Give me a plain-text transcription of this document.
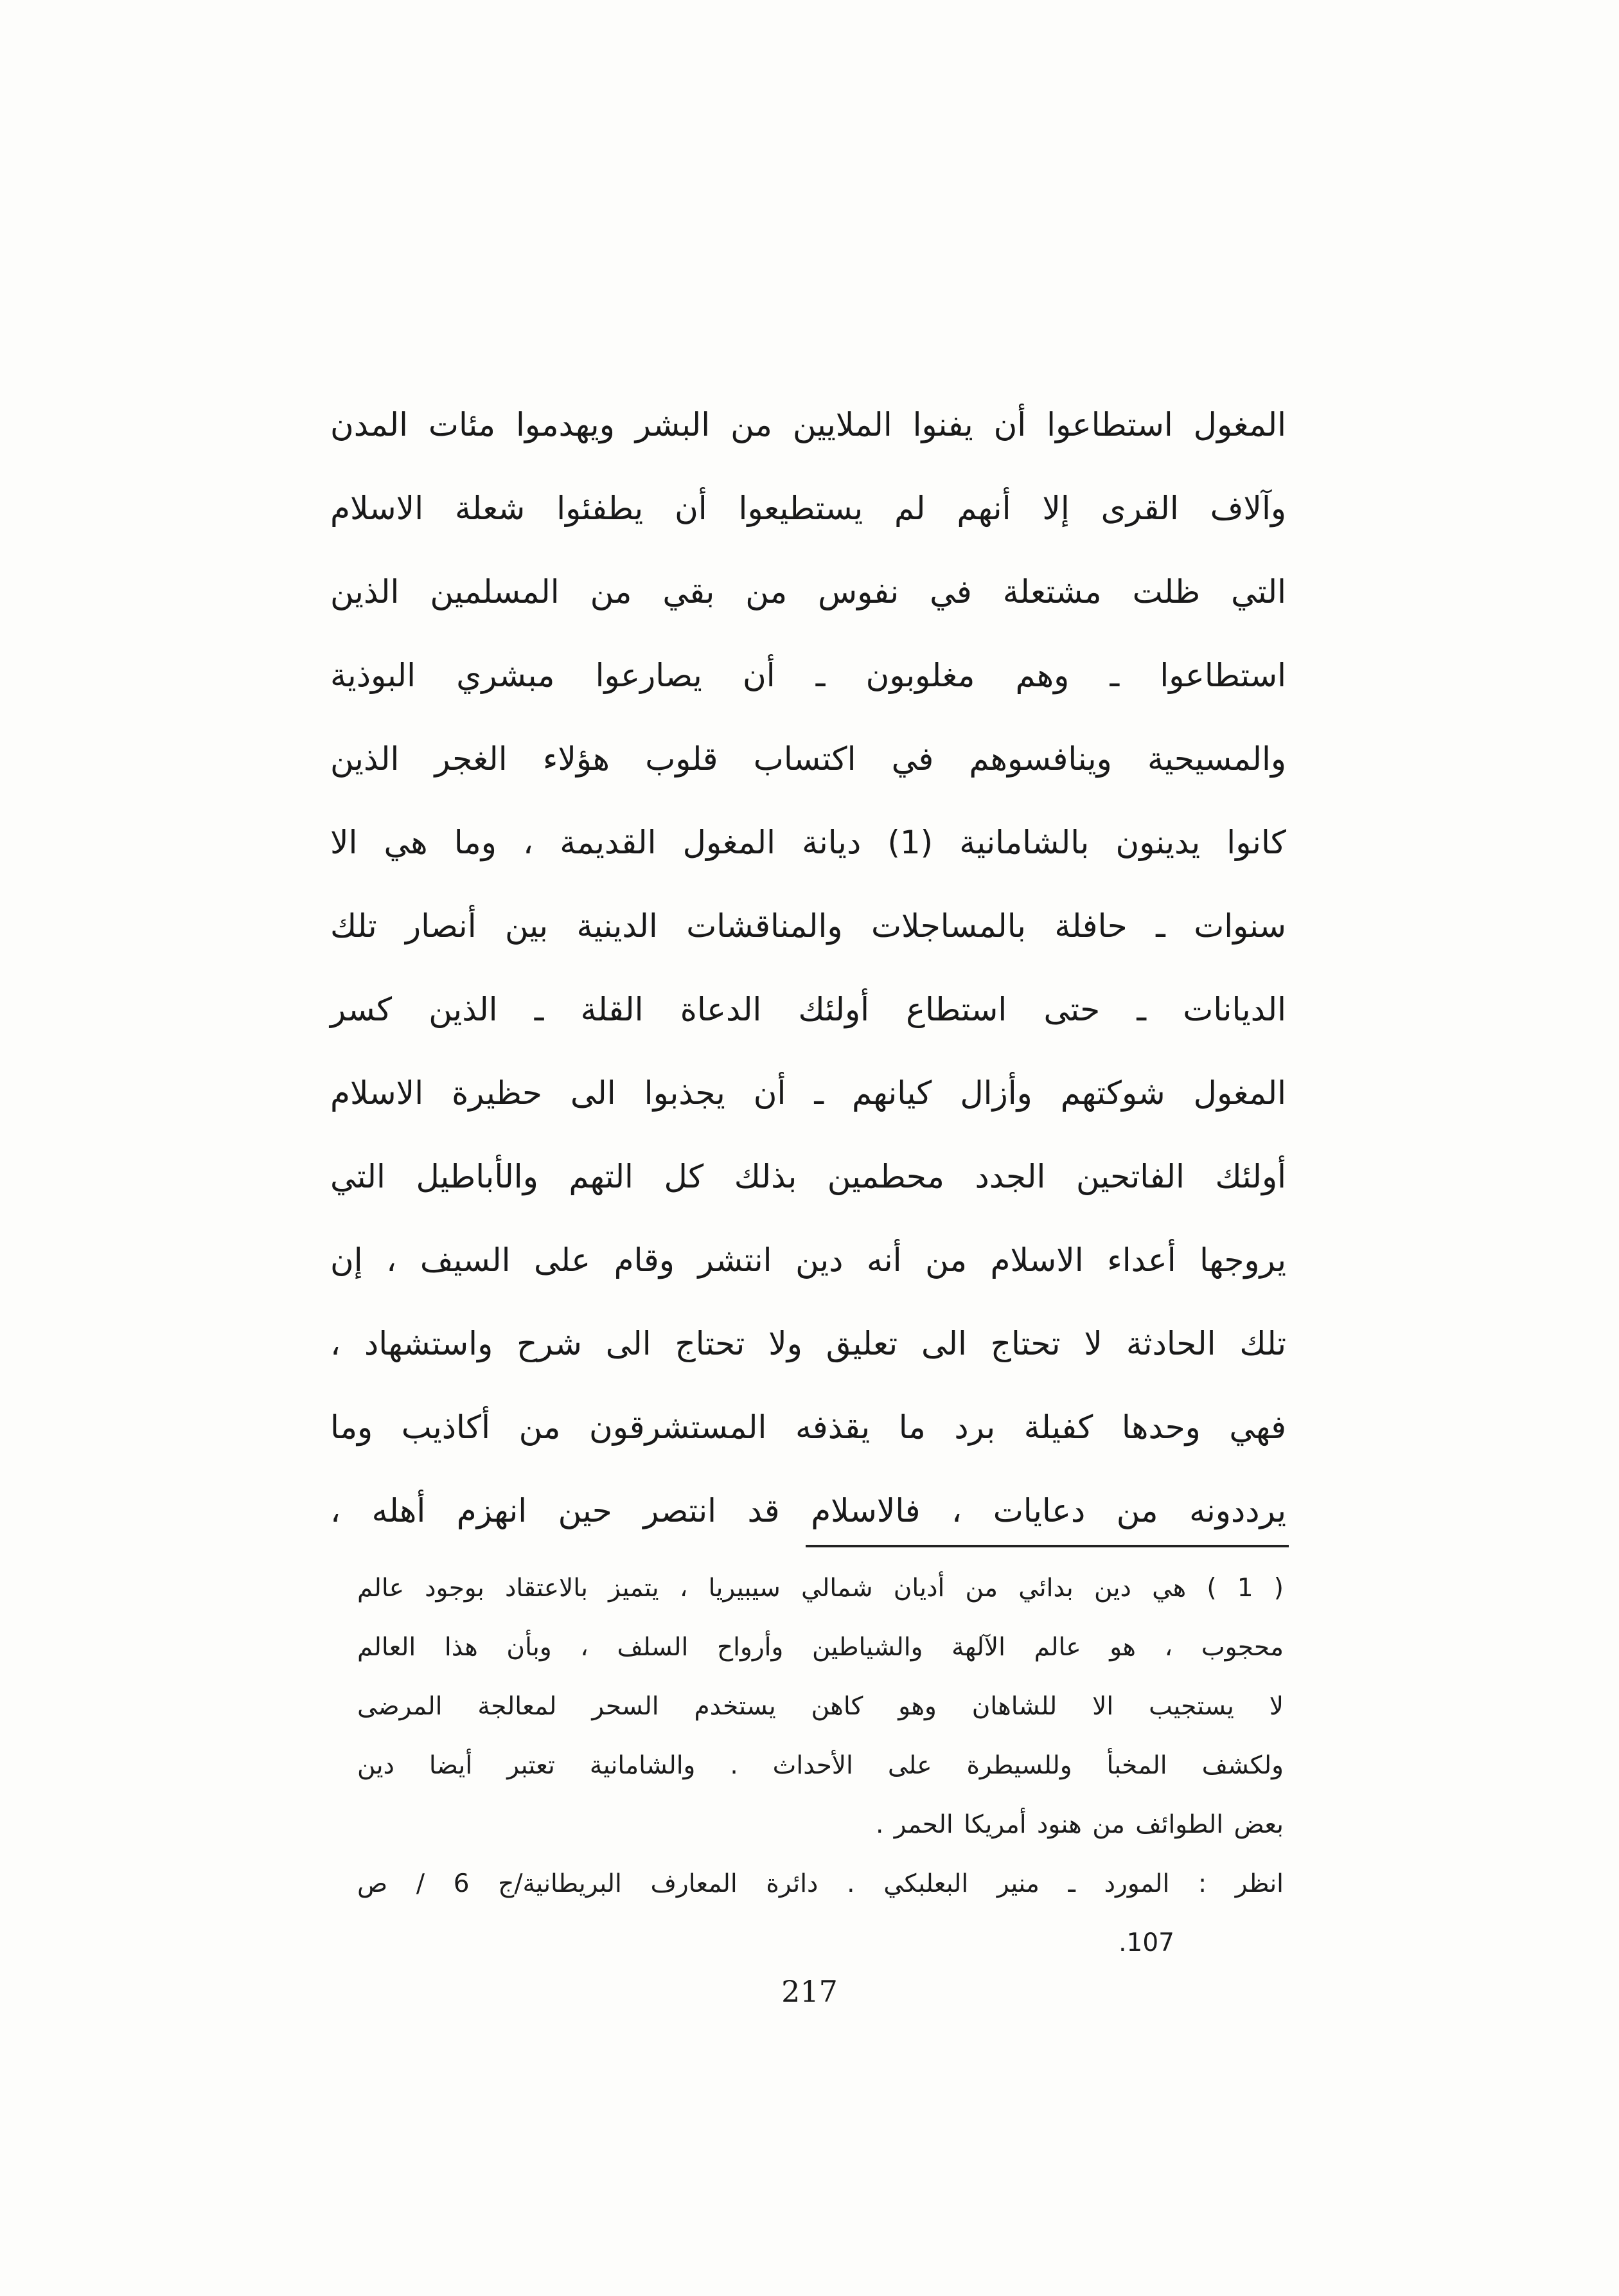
المغول استطاعوا أن يفنوا الملايين من البشر ويهدموا مئات المدن
وآلاف القرى إلا أنهم لم يستطيعوا أن يطفئوا شعلة الاسلام
التي ظلت مشتعلة في نفوس من بقي من المسلمين الذين
استطاعوا ـ وهم مغلوبون ـ أن يصارعوا مبشري البوذية
والمسيحية وينافسوهم في اكتساب قلوب هؤلاء الغجر الذين
كانوا يدينون بالشامانية (1) ديانة المغول القديمة ، وما هي الا
سنوات ـ حافلة بالمساجلات والمناقشات الدينية بين أنصار تلك
الديانات ـ حتى استطاع أولئك الدعاة القلة ـ الذين كسر
المغول شوكتهم وأزال كيانهم ـ أن يجذبوا الى حظيرة الاسلام
أولئك الفاتحين الجدد محطمين بذلك كل التهم والأباطيل التي
يروجها أعداء الاسلام من أنه دين انتشر وقام على السيف ، إن
تلك الحادثة لا تحتاج الى تعليق ولا تحتاج الى شرح واستشهاد ،
فهي وحدها كفيلة برد ما يقذفه المستشرقون من أكاذيب وما
يرددونه من دعايات ، فالاسلام قد انتصر حين انهزم أهله ،
( 1 ) هي دين بدائي من أديان شمالي سيبيريا ، يتميز بالاعتقاد بوجود عالم
محجوب ، هو عالم الآلهة والشياطين وأرواح السلف ، وبأن هذا العالم
لا يستجيب الا للشاهان وهو كاهن يستخدم السحر لمعالجة المرضى
ولكشف المخبأ وللسيطرة على الأحداث . والشامانية تعتبر أيضا دين
بعض الطوائف من هنود أمريكا الحمر .
انظر : المورد ـ منير البعلبكي . دائرة المعارف البريطانية/ج 6 / ص
107.
217
